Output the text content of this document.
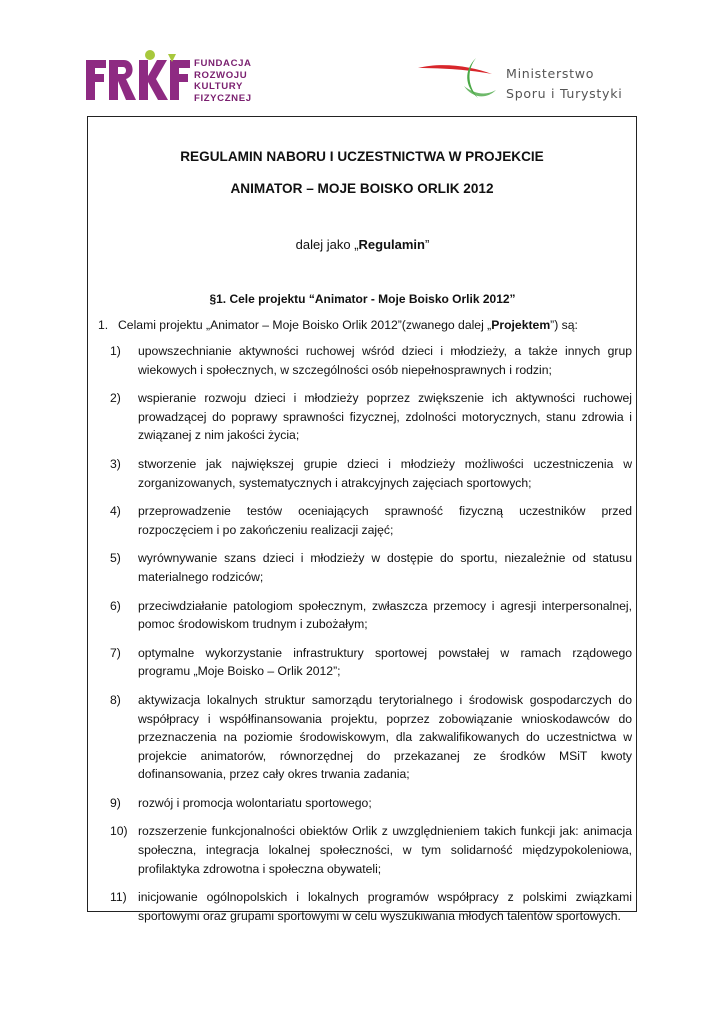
FUNDACJA
ROZWOJU
KULTURY
FIZYCZNEJ
Ministerstwo
Sporu i Turystyki
REGULAMIN NABORU I UCZESTNICTWA W PROJEKCIE
ANIMATOR – MOJE BOISKO ORLIK 2012
dalej jako „Regulamin”
§1. Cele projektu “Animator - Moje Boisko Orlik 2012”
1. Celami projektu „Animator – Moje Boisko Orlik 2012”(zwanego dalej „Projektem”) są:
1)	upowszechnianie aktywności ruchowej wśród dzieci i młodzieży, a także innych grup wiekowych i społecznych, w szczególności osób niepełnosprawnych i rodzin;
2)	wspieranie rozwoju dzieci i młodzieży poprzez zwiększenie ich aktywności ruchowej prowadzącej do poprawy sprawności fizycznej, zdolności motorycznych, stanu zdrowia i związanej z nim jakości życia;
3)	stworzenie jak największej grupie dzieci i młodzieży możliwości uczestniczenia w zorganizowanych, systematycznych i atrakcyjnych zajęciach sportowych;
4)	przeprowadzenie testów oceniających sprawność fizyczną uczestników przed rozpoczęciem i po zakończeniu realizacji zajęć;
5)	wyrównywanie szans dzieci i młodzieży w dostępie do sportu, niezależnie od statusu materialnego rodziców;
6)	przeciwdziałanie patologiom społecznym, zwłaszcza przemocy i agresji interpersonalnej, pomoc środowiskom trudnym i zubożałym;
7)	optymalne wykorzystanie infrastruktury sportowej powstałej w ramach rządowego programu „Moje Boisko – Orlik 2012”;
8)	aktywizacja lokalnych struktur samorządu terytorialnego i środowisk gospodarczych do współpracy i współfinansowania projektu, poprzez zobowiązanie wnioskodawców do przeznaczenia na poziomie środowiskowym, dla zakwalifikowanych do uczestnictwa w projekcie animatorów, równorzędnej do przekazanej ze środków MSiT kwoty dofinansowania, przez cały okres trwania zadania;
9)	rozwój i promocja wolontariatu sportowego;
10) rozszerzenie funkcjonalności obiektów Orlik z uwzględnieniem takich funkcji jak: animacja społeczna, integracja lokalnej społeczności, w tym solidarność międzypokoleniowa, profilaktyka zdrowotna i społeczna obywateli;
11) inicjowanie ogólnopolskich i lokalnych programów współpracy z polskimi związkami sportowymi oraz grupami sportowymi w celu wyszukiwania młodych talentów sportowych.
